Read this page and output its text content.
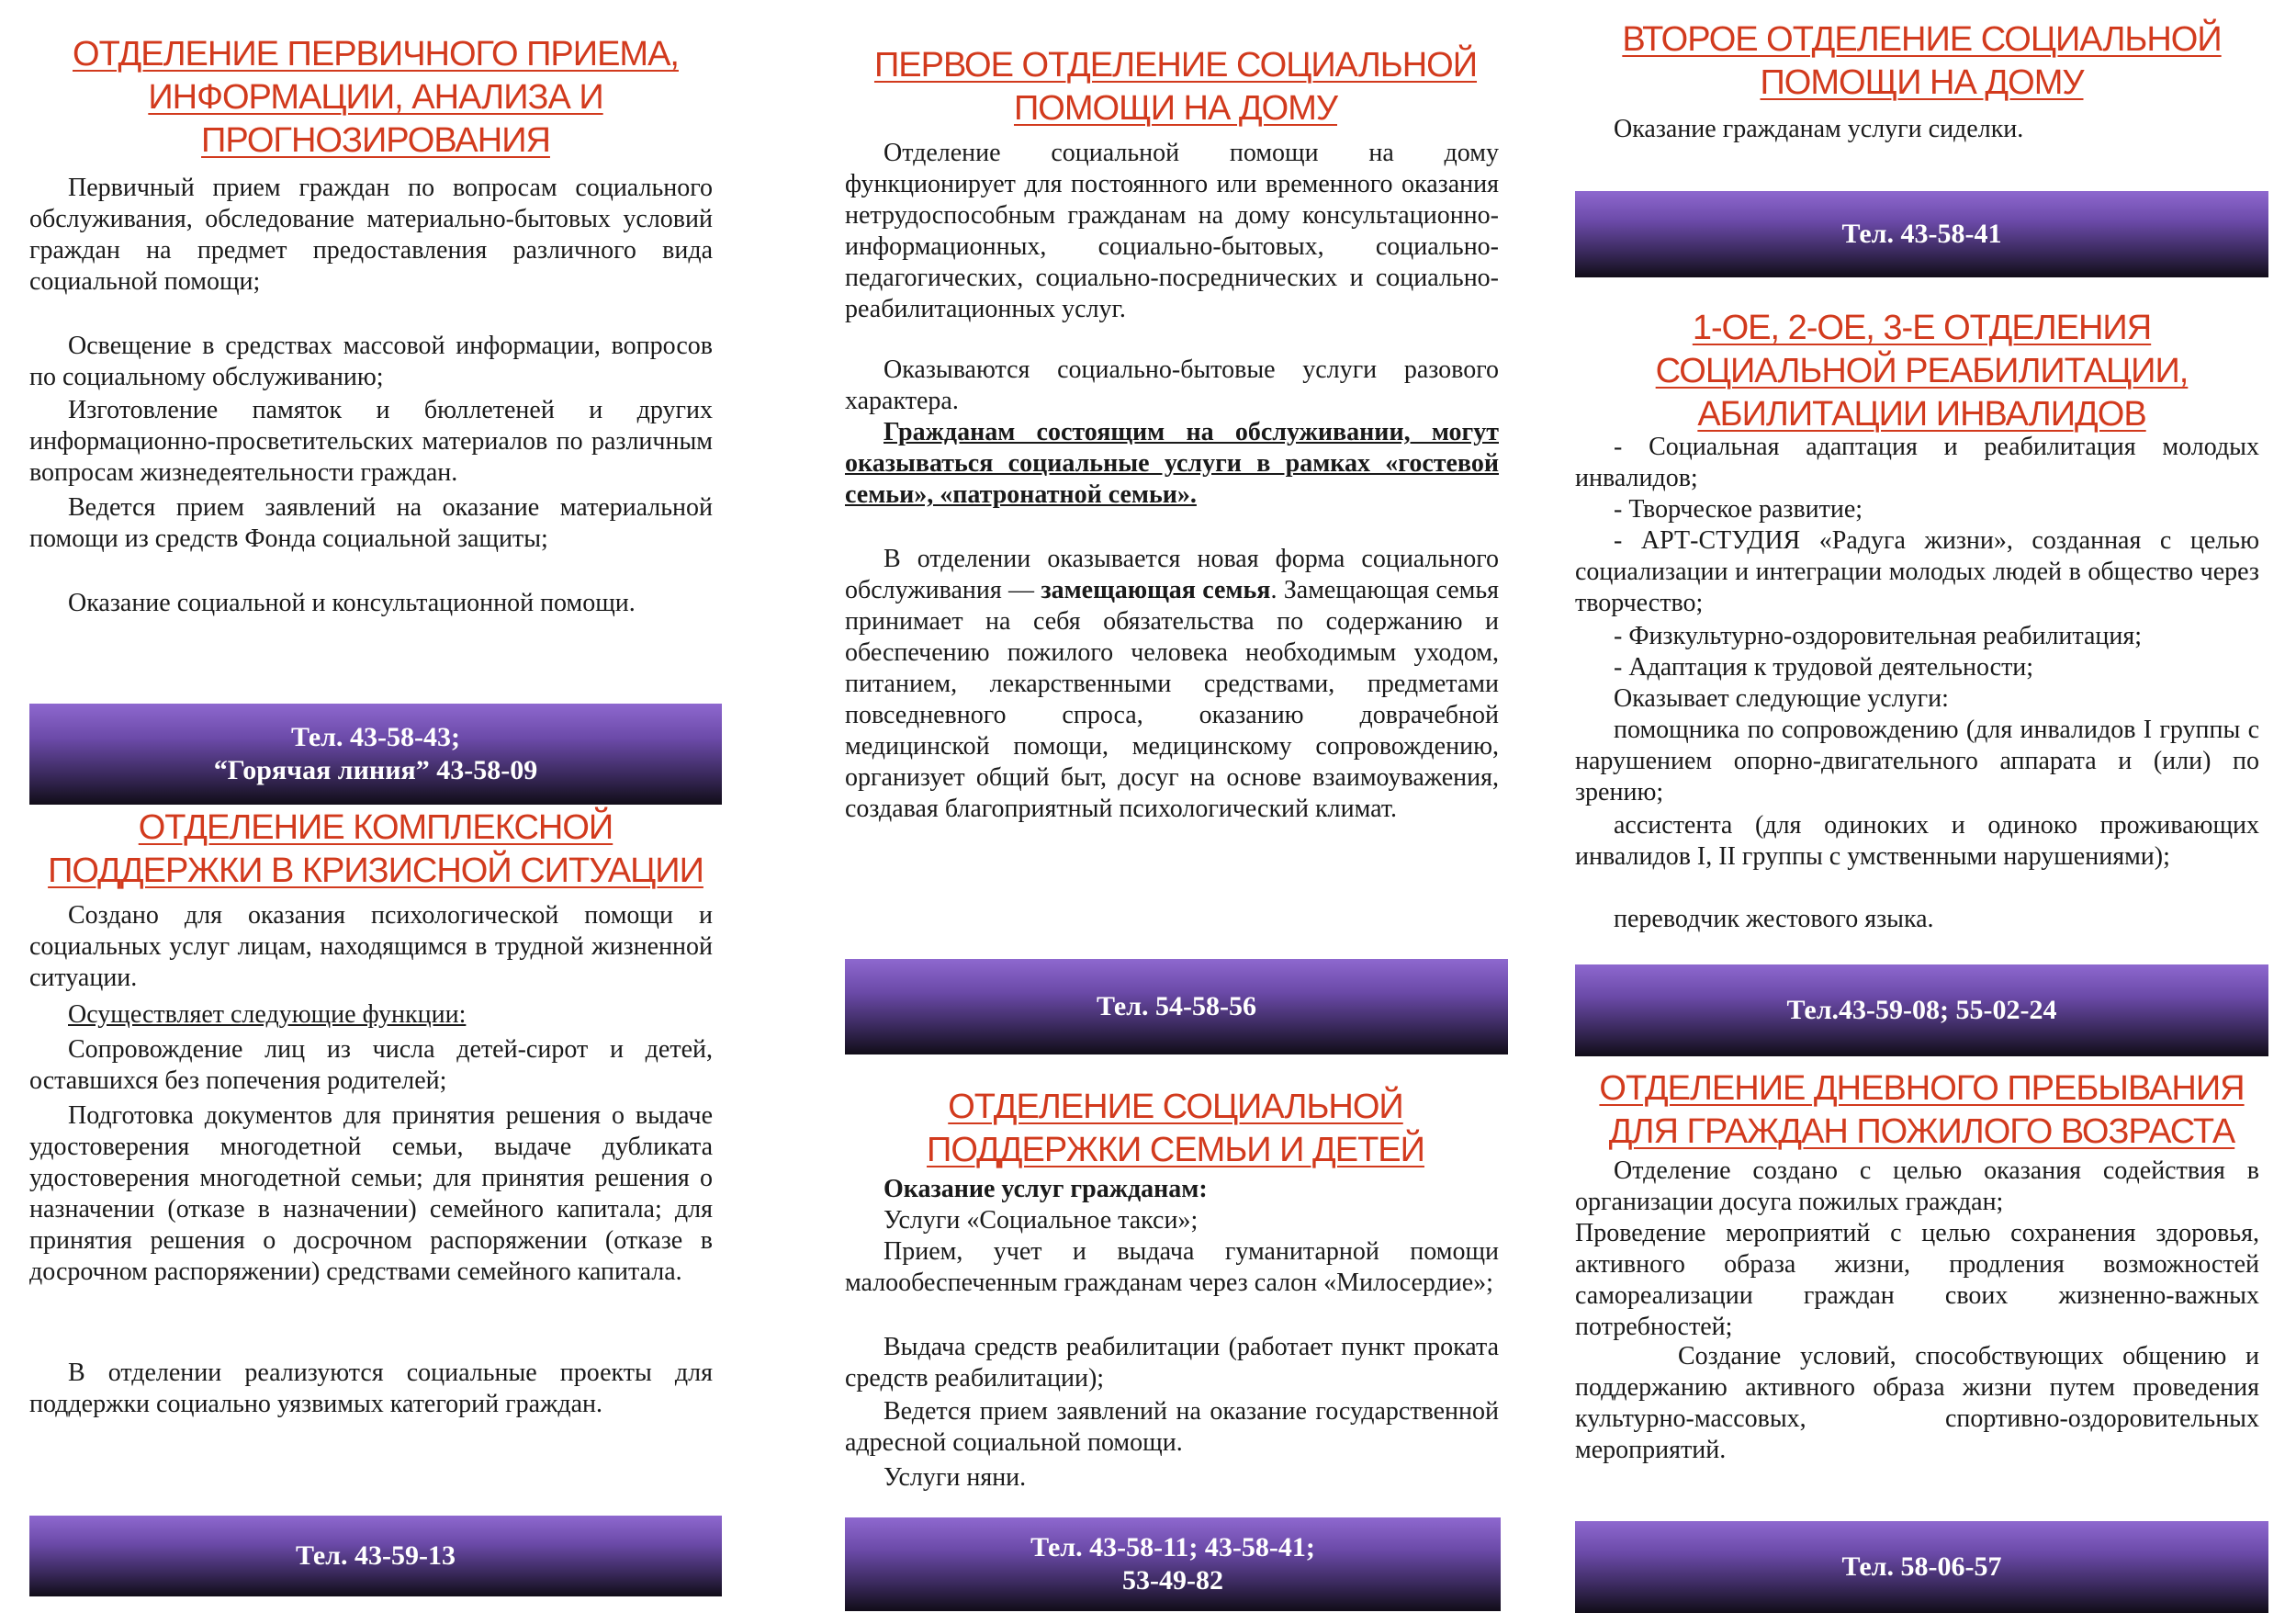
ОТДЕЛЕНИЕ ПЕРВИЧНОГО ПРИЕМА,
ИНФОРМАЦИИ, АНАЛИЗА И
ПРОГНОЗИРОВАНИЯ

Первичный прием граждан по вопросам социального обслуживания, обследование материально-бытовых условий граждан на предмет предоставления различного вида социальной помощи;

Освещение в средствах массовой информации, вопросов по социальному обслуживанию;

Изготовление памяток и бюллетеней и других информационно-просветительских материалов по различным вопросам жизнедеятельности граждан.

Ведется прием заявлений на оказание материальной помощи из средств Фонда социальной защиты;

Оказание социальной и консультационной помощи.

Тел. 43-58-43;
“Горячая линия” 43-58-09
ОТДЕЛЕНИЕ КОМПЛЕКСНОЙ
ПОДДЕРЖКИ В КРИЗИСНОЙ СИТУАЦИИ

Создано для оказания психологической помощи и социальных услуг лицам, находящимся в трудной жизненной ситуации.

Осуществляет следующие функции:

Сопровождение лиц из числа детей-сирот и детей, оставшихся без попечения родителей;

Подготовка документов для принятия решения о выдаче удостоверения многодетной семьи, выдаче дубликата удостоверения многодетной семьи; для принятия решения о назначении (отказе в назначении) семейного капитала; для принятия решения о досрочном распоряжении (отказе в досрочном распоряжении) средствами семейного капитала.

В отделении реализуются социальные проекты для поддержки социально уязвимых категорий граждан.

Тел. 43-59-13
ПЕРВОЕ ОТДЕЛЕНИЕ СОЦИАЛЬНОЙ
ПОМОЩИ НА ДОМУ

Отделение социальной помощи на дому функционирует для постоянного или временного оказания нетрудоспособным гражданам на дому консультационно-информационных, социально-бытовых, социально-педагогических, социально-посреднических и социально-реабилитационных услуг.

Оказываются социально-бытовые услуги разового характера.

Гражданам состоящим на обслуживании, могут оказываться социальные услуги в рамках «гостевой семьи», «патронатной семьи».

В отделении оказывается новая форма социального обслуживания — замещающая семья. Замещающая семья принимает на себя обязательства по содержанию и обеспечению пожилого человека необходимым уходом, питанием, лекарственными средствами, предметами повседневного спроса, оказанию доврачебной медицинской помощи, медицинскому сопровождению, организует общий быт, досуг на основе взаимоуважения, создавая благоприятный психологический климат.

Тел. 54-58-56
ОТДЕЛЕНИЕ СОЦИАЛЬНОЙ
ПОДДЕРЖКИ СЕМЬИ И ДЕТЕЙ

Оказание услуг гражданам:

Услуги «Социальное такси»;

Прием, учет и выдача гуманитарной помощи малообеспеченным гражданам через салон «Милосердие»;

Выдача средств реабилитации (работает пункт проката средств реабилитации);

Ведется прием заявлений на оказание государственной адресной социальной помощи.

Услуги няни.

Тел. 43-58-11; 43-58-41;
53-49-82
ВТОРОЕ ОТДЕЛЕНИЕ СОЦИАЛЬНОЙ
ПОМОЩИ НА ДОМУ

Оказание гражданам услуги сиделки.

Тел. 43-58-41
1-ОЕ, 2-ОЕ, 3-Е ОТДЕЛЕНИЯ
СОЦИАЛЬНОЙ РЕАБИЛИТАЦИИ,
АБИЛИТАЦИИ ИНВАЛИДОВ

- Социальная адаптация и реабилитация молодых инвалидов;

- Творческое развитие;

- АРТ-СТУДИЯ «Радуга жизни», созданная с целью социализации и интеграции молодых людей в общество через творчество;

- Физкультурно-оздоровительная реабилитация;

- Адаптация к трудовой деятельности;

Оказывает следующие услуги:

помощника по сопровождению (для инвалидов I группы с нарушением опорно-двигательного аппарата и (или) по зрению;

ассистента (для одиноких и одиноко проживающих инвалидов I, II группы с умственными нарушениями);

переводчик жестового языка.

Тел.43-59-08; 55-02-24
ОТДЕЛЕНИЕ ДНЕВНОГО ПРЕБЫВАНИЯ
ДЛЯ ГРАЖДАН ПОЖИЛОГО ВОЗРАСТА

Отделение создано с целью оказания содействия в организации досуга пожилых граждан;

Проведение мероприятий с целью сохранения здоровья, активного образа жизни, продления возможностей самореализации граждан своих жизненно-важных потребностей;

Создание условий, способствующих общению и поддержанию активного образа жизни путем проведения культурно-массовых, спортивно-оздоровительных мероприятий.

Тел. 58-06-57
